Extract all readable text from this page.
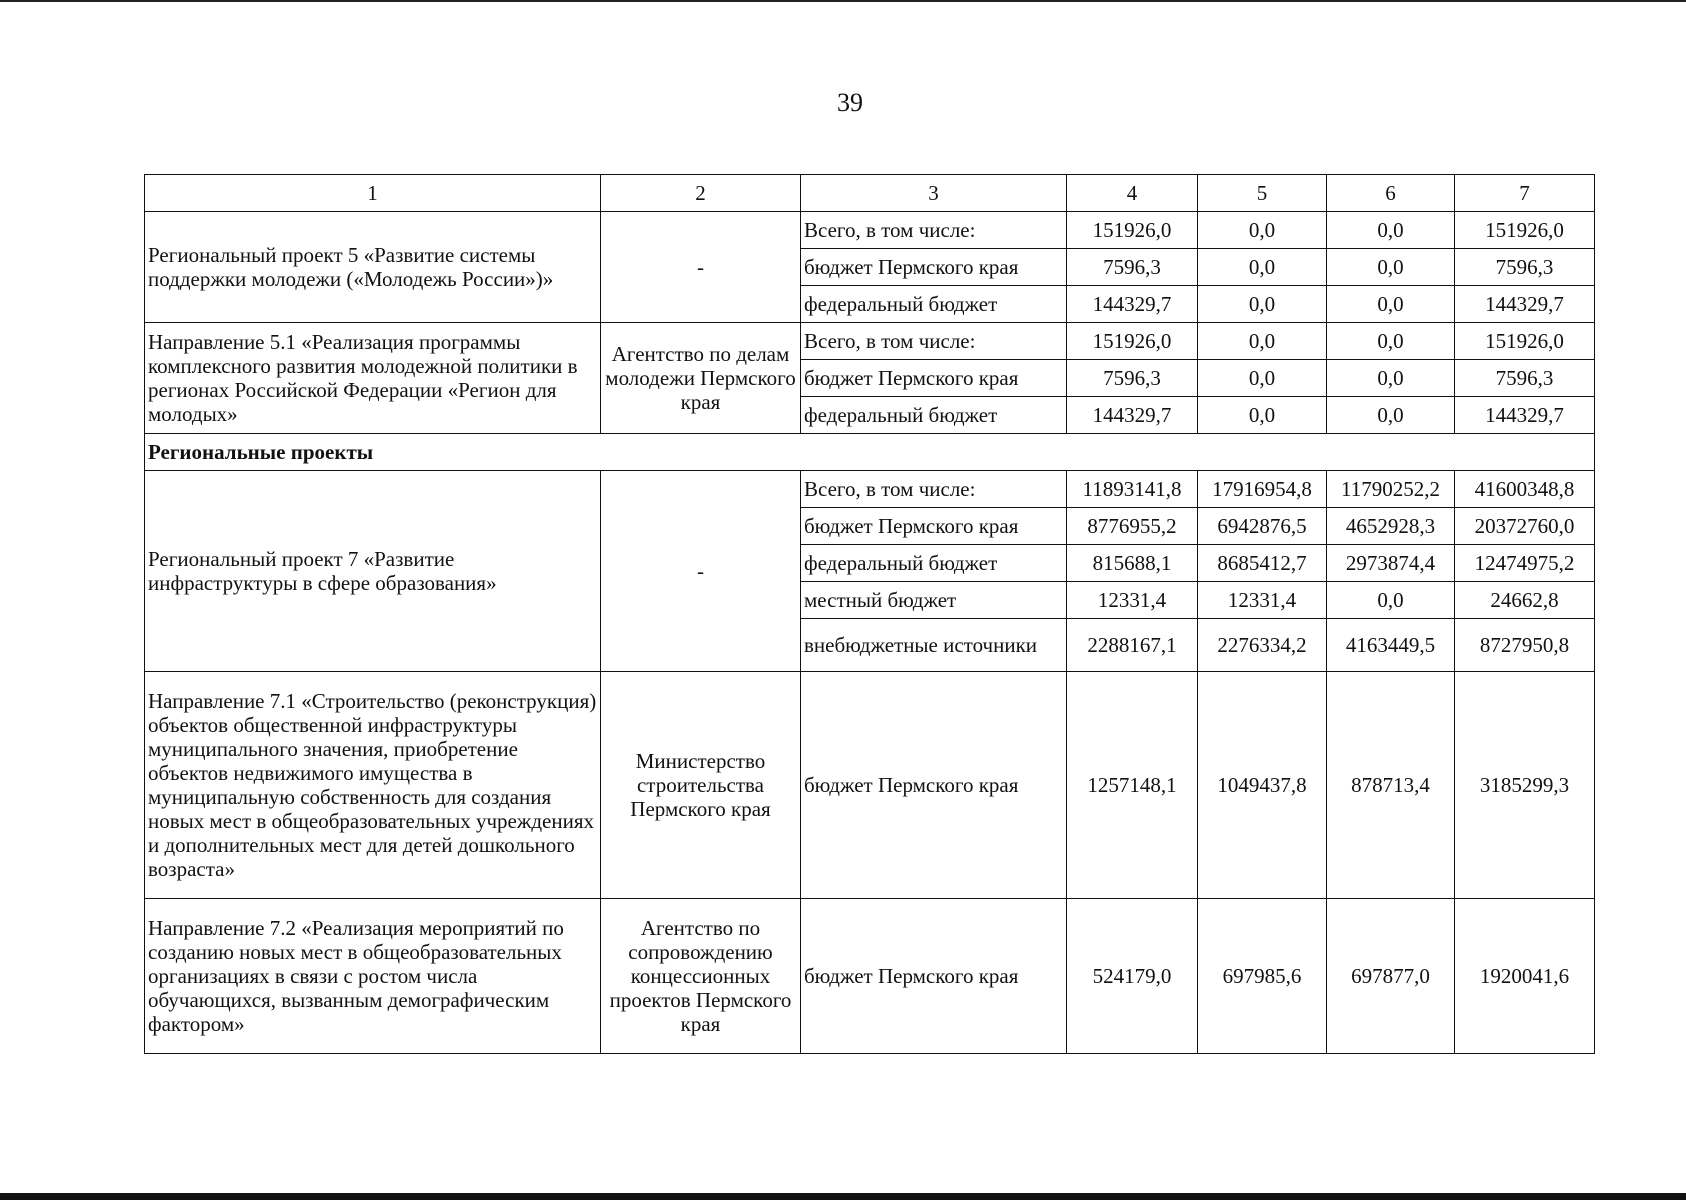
39
1	2	3	4	5	6	7
Региональный проект 5 «Развитие системы поддержки молодежи («Молодежь России»)»	-	Всего, в том числе:	151926,0	0,0	0,0	151926,0
		бюджет Пермского края	7596,3	0,0	0,0	7596,3
		федеральный бюджет	144329,7	0,0	0,0	144329,7
Направление 5.1 «Реализация программы комплексного развития молодежной политики в регионах Российской Федерации «Регион для молодых»	Агентство по делам молодежи Пермского края	Всего, в том числе:	151926,0	0,0	0,0	151926,0
		бюджет Пермского края	7596,3	0,0	0,0	7596,3
		федеральный бюджет	144329,7	0,0	0,0	144329,7
Региональные проекты						
Региональный проект 7 «Развитие инфраструктуры в сфере образования»	-	Всего, в том числе:	11893141,8	17916954,8	11790252,2	41600348,8
		бюджет Пермского края	8776955,2	6942876,5	4652928,3	20372760,0
		федеральный бюджет	815688,1	8685412,7	2973874,4	12474975,2
		местный бюджет	12331,4	12331,4	0,0	24662,8
		внебюджетные источники	2288167,1	2276334,2	4163449,5	8727950,8
Направление 7.1 «Строительство (реконструкция) объектов общественной инфраструктуры муниципального значения, приобретение объектов недвижимого имущества в муниципальную собственность для создания новых мест в общеобразовательных учреждениях и дополнительных мест для детей дошкольного возраста»	Министерство строительства Пермского края	бюджет Пермского края	1257148,1	1049437,8	878713,4	3185299,3
Направление 7.2 «Реализация мероприятий по созданию новых мест в общеобразовательных организациях в связи с ростом числа обучающихся, вызванным демографическим фактором»	Агентство по сопровождению концессионных проектов Пермского края	бюджет Пермского края	524179,0	697985,6	697877,0	1920041,6
